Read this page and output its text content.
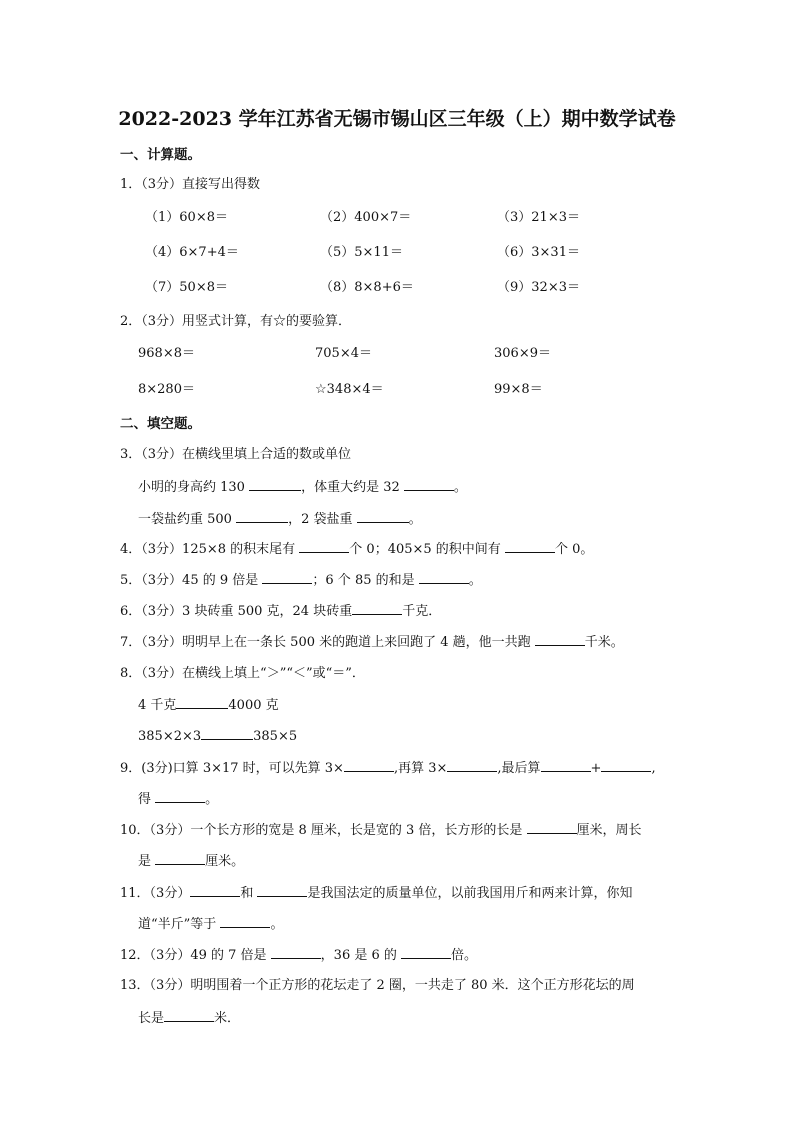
2022-2023 学年江苏省无锡市锡山区三年级（上）期中数学试卷
一、计算题。
1．（3分）直接写出得数
（1）60×8＝	（2）400×7＝	（3）21×3＝
（4）6×7+4＝	（5）5×11＝	（6）3×31＝
（7）50×8＝	（8）8×8+6＝	（9）32×3＝
2．（3分）用竖式计算，有☆的要验算．
968×8＝	705×4＝	306×9＝
8×280＝	☆348×4＝	99×8＝
二、填空题。
3．（3分）在横线里填上合适的数或单位
小明的身高约 130	，体重大约是 32	。
一袋盐约重 500	，2 袋盐重	。
4．（3分）125×8 的积末尾有	个 0；405×5 的积中间有	个 0。
5．（3分）45 的 9 倍是	；6 个 85 的和是	。
6．（3分）3 块砖重 500 克，24 块砖重	千克．
7．（3分）明明早上在一条长 500 米的跑道上来回跑了 4 趟，他一共跑	千米。
8．（3分）在横线上填上“＞”“＜”或“＝”．
4 千克	4000 克
385×2×3	385×5
9．(3分)口算 3×17 时，可以先算 3×	,再算 3×	,最后算	+	,
得	。
10．（3分）一个长方形的宽是 8 厘米，长是宽的 3 倍，长方形的长是	厘米，周长
是	厘米。
11．（3分）	和	是我国法定的质量单位，以前我国用斤和两来计算，你知
道“半斤”等于	。
12．（3分）49 的 7 倍是	，36 是 6 的	倍。
13．（3分）明明围着一个正方形的花坛走了 2 圈，一共走了 80 米．这个正方形花坛的周
长是	米．
